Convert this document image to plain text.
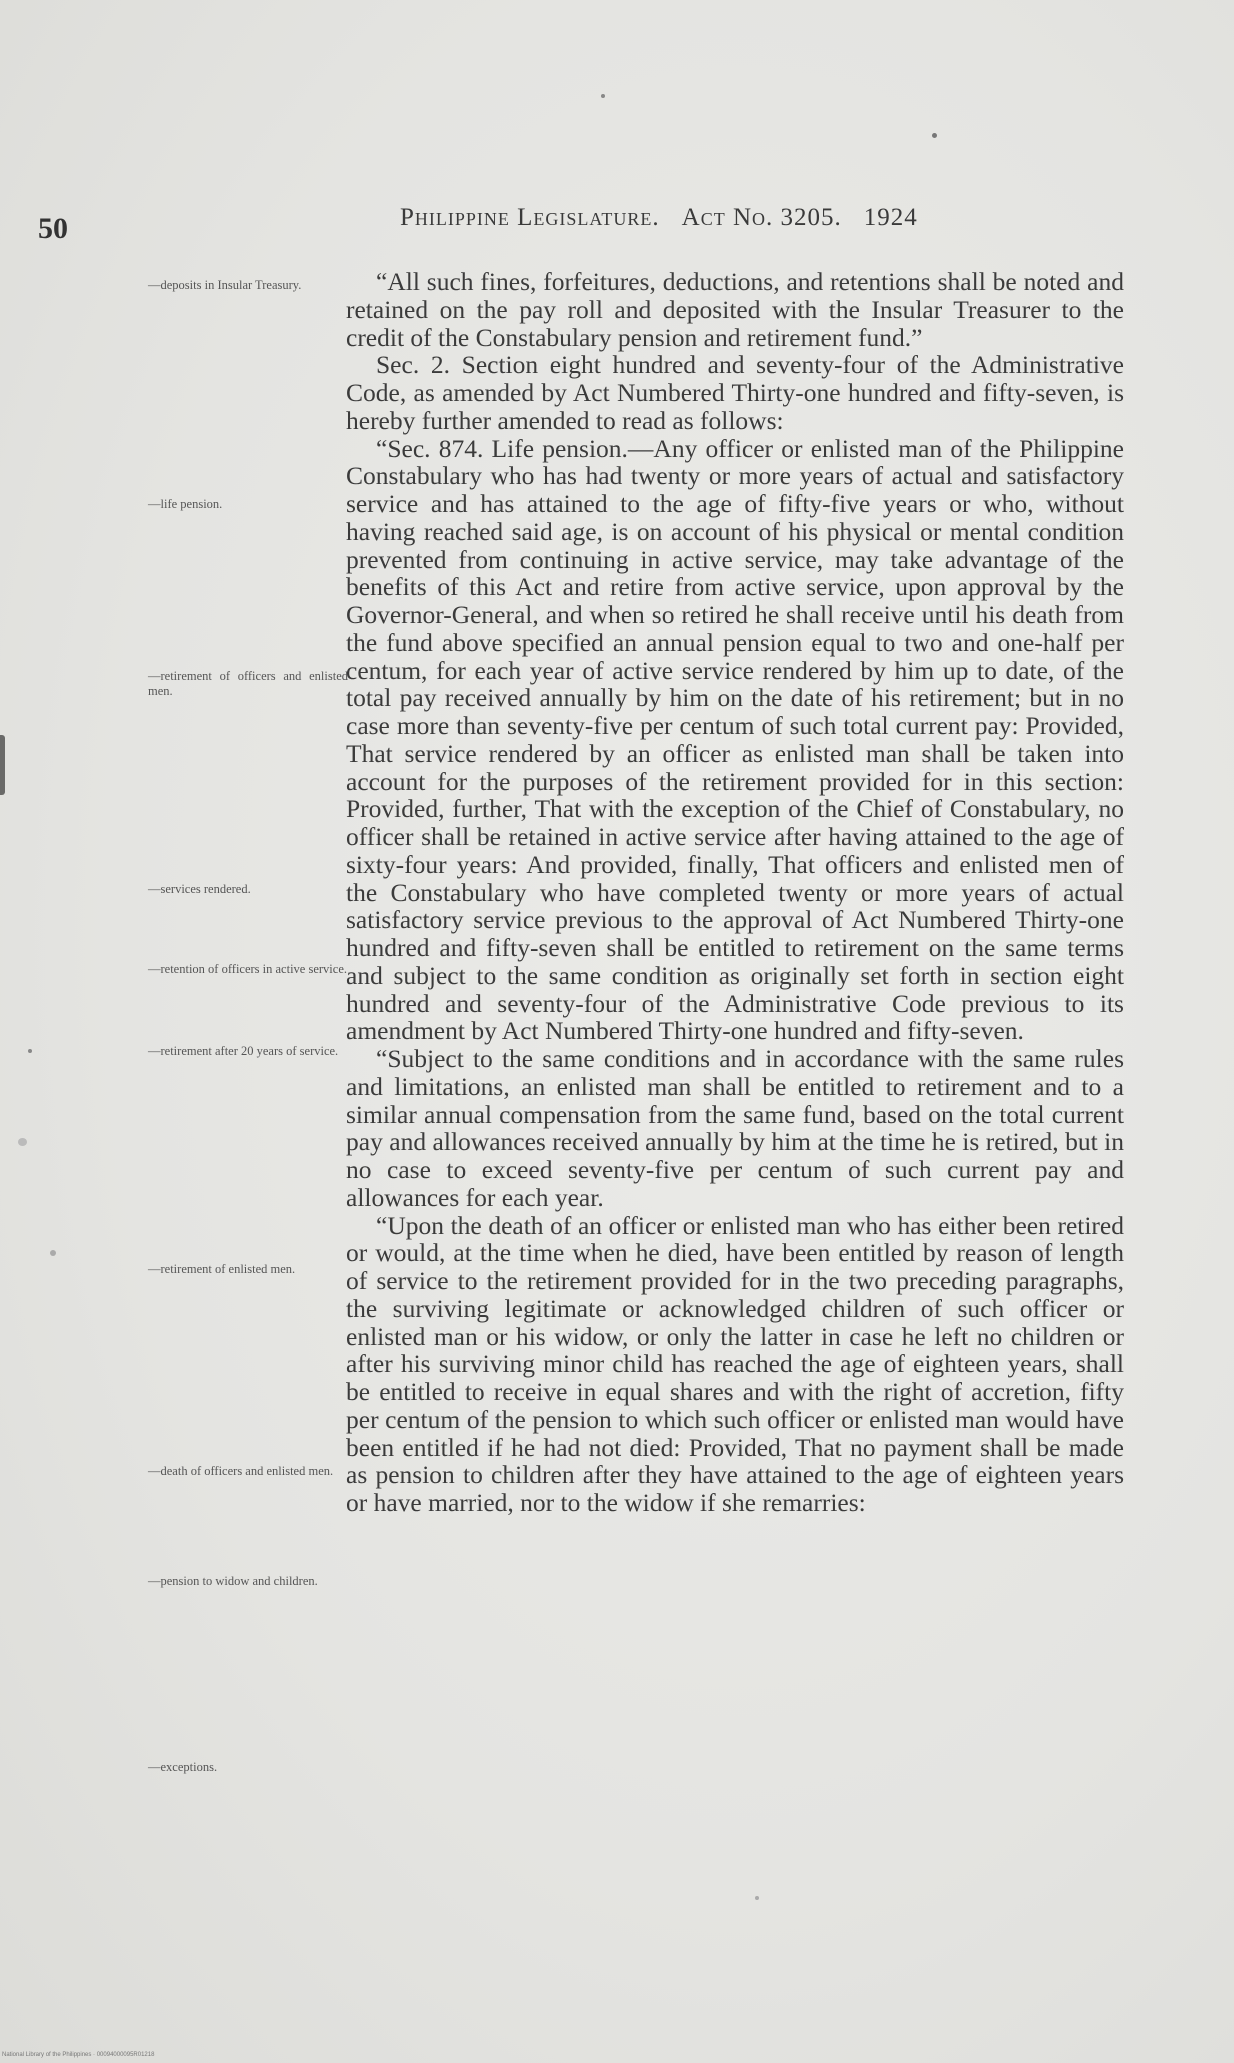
50	Philippine Legislature. Act No. 3205. 1924
—deposits in Insular Treasury.
—life pension.
—retirement of officers and enlisted men.
—services rendered.
—retention of officers in active service.
—retirement after 20 years of service.
—retirement of enlisted men.
—death of officers and enlisted men.
—pension to widow and children.
—exceptions.

“All such fines, forfeitures, deductions, and retentions shall be noted and retained on the pay roll and deposited with the Insular Treasurer to the credit of the Constabulary pension and retirement fund.”

Sec. 2. Section eight hundred and seventy-four of the Administrative Code, as amended by Act Numbered Thirty-one hundred and fifty-seven, is hereby further amended to read as follows:

“Sec. 874. Life pension.—Any officer or enlisted man of the Philippine Constabulary who has had twenty or more years of actual and satisfactory service and has attained to the age of fifty-five years or who, without having reached said age, is on account of his physical or mental condition prevented from continuing in active service, may take advantage of the benefits of this Act and retire from active service, upon approval by the Governor-General, and when so retired he shall receive until his death from the fund above specified an annual pension equal to two and one-half per centum, for each year of active service rendered by him up to date, of the total pay received annually by him on the date of his retirement; but in no case more than seventy-five per centum of such total current pay: Provided, That service rendered by an officer as enlisted man shall be taken into account for the purposes of the retirement provided for in this section: Provided, further, That with the exception of the Chief of Constabulary, no officer shall be retained in active service after having attained to the age of sixty-four years: And provided, finally, That officers and enlisted men of the Constabulary who have completed twenty or more years of actual satisfactory service previous to the approval of Act Numbered Thirty-one hundred and fifty-seven shall be entitled to retirement on the same terms and subject to the same condition as originally set forth in section eight hundred and seventy-four of the Administrative Code previous to its amendment by Act Numbered Thirty-one hundred and fifty-seven.

“Subject to the same conditions and in accordance with the same rules and limitations, an enlisted man shall be entitled to retirement and to a similar annual compensation from the same fund, based on the total current pay and allowances received annually by him at the time he is retired, but in no case to exceed seventy-five per centum of such current pay and allowances for each year.

“Upon the death of an officer or enlisted man who has either been retired or would, at the time when he died, have been entitled by reason of length of service to the retirement provided for in the two preceding paragraphs, the surviving legitimate or acknowledged children of such officer or enlisted man or his widow, or only the latter in case he left no children or after his surviving minor child has reached the age of eighteen years, shall be entitled to receive in equal shares and with the right of accretion, fifty per centum of the pension to which such officer or enlisted man would have been entitled if he had not died: Provided, That no payment shall be made as pension to children after they have attained to the age of eighteen years or have married, nor to the widow if she remarries:

National Library of the Philippines · 00094000095R01218
